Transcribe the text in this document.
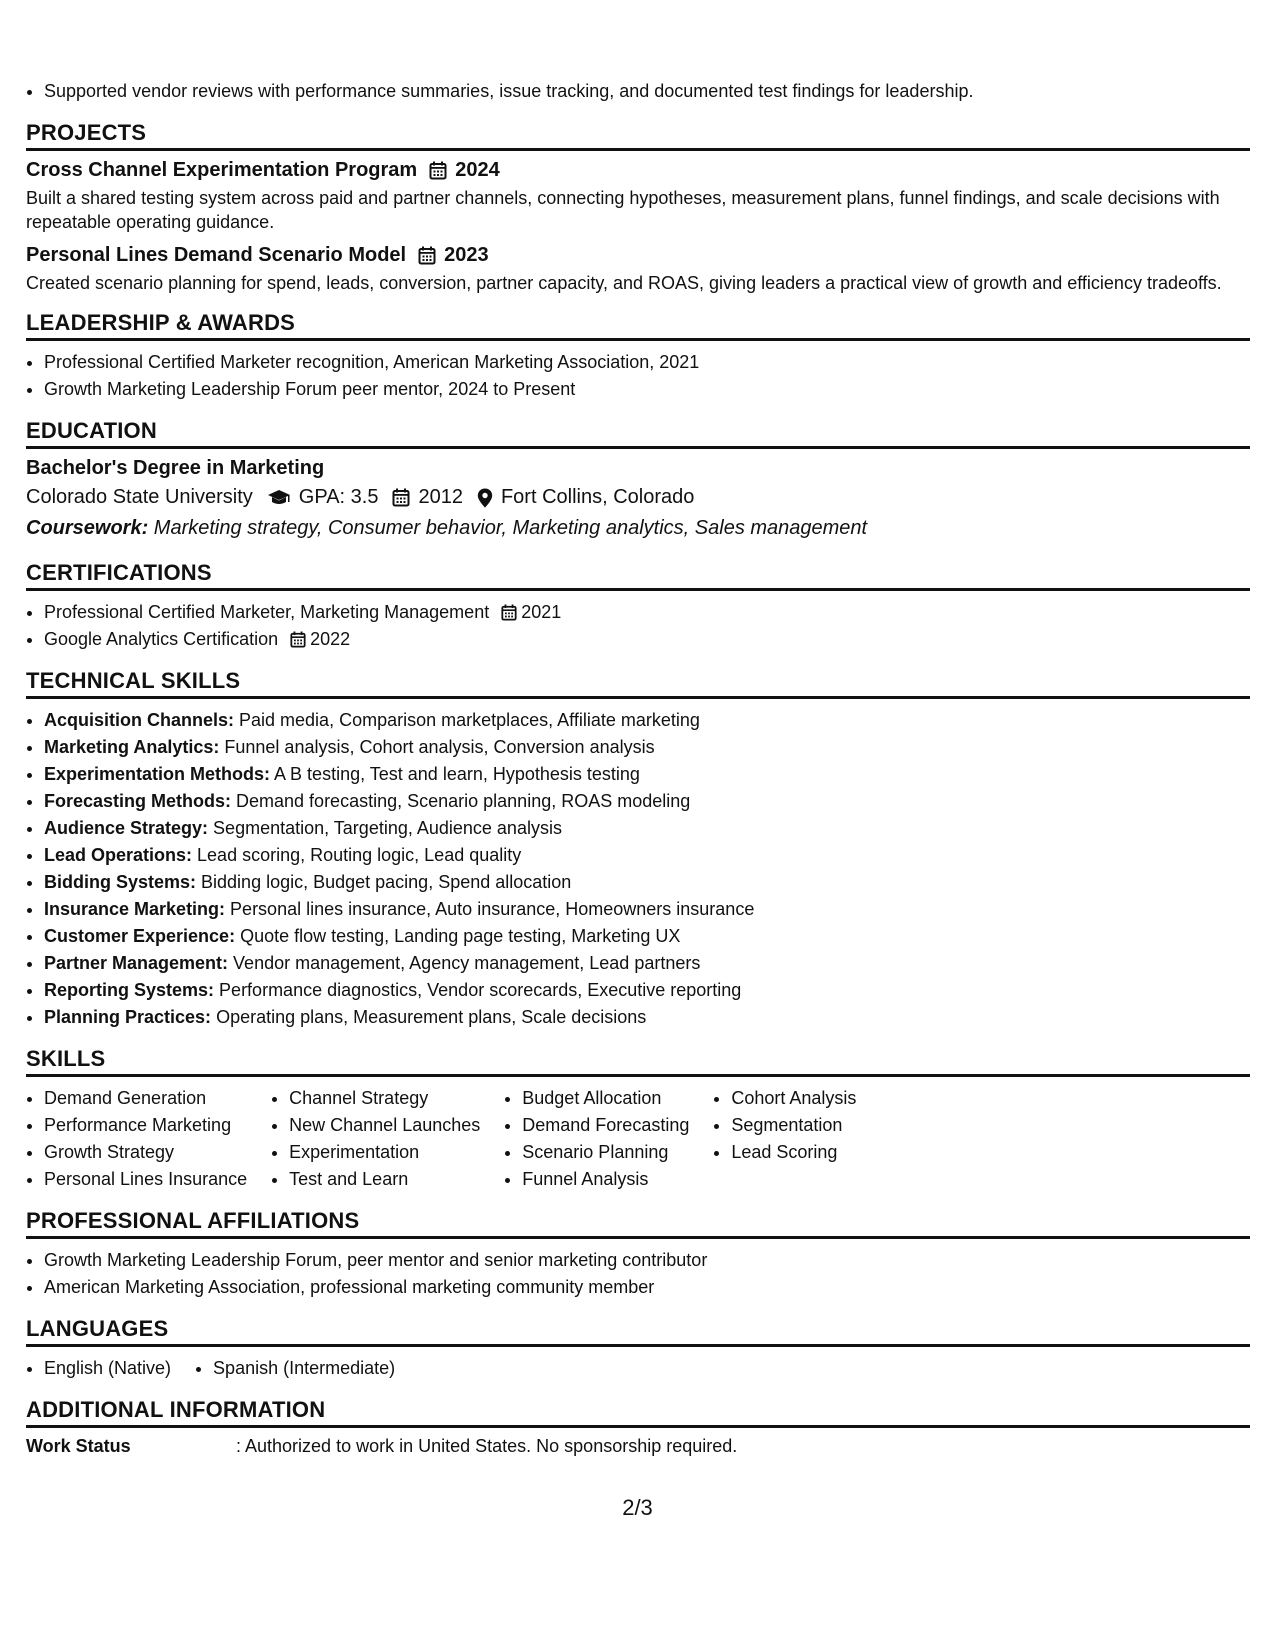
• Supported vendor reviews with performance summaries, issue tracking, and documented test findings for leadership.
PROJECTS
Cross Channel Experimentation Program 2024
Built a shared testing system across paid and partner channels, connecting hypotheses, measurement plans, funnel findings, and scale decisions with repeatable operating guidance.
Personal Lines Demand Scenario Model 2023
Created scenario planning for spend, leads, conversion, partner capacity, and ROAS, giving leaders a practical view of growth and efficiency tradeoffs.
LEADERSHIP & AWARDS
• Professional Certified Marketer recognition, American Marketing Association, 2021
• Growth Marketing Leadership Forum peer mentor, 2024 to Present
EDUCATION
Bachelor's Degree in Marketing
Colorado State University GPA: 3.5 2012 Fort Collins, Colorado
Coursework: Marketing strategy, Consumer behavior, Marketing analytics, Sales management
CERTIFICATIONS
• Professional Certified Marketer, Marketing Management 2021
• Google Analytics Certification 2022
TECHNICAL SKILLS
• Acquisition Channels: Paid media, Comparison marketplaces, Affiliate marketing
• Marketing Analytics: Funnel analysis, Cohort analysis, Conversion analysis
• Experimentation Methods: A B testing, Test and learn, Hypothesis testing
• Forecasting Methods: Demand forecasting, Scenario planning, ROAS modeling
• Audience Strategy: Segmentation, Targeting, Audience analysis
• Lead Operations: Lead scoring, Routing logic, Lead quality
• Bidding Systems: Bidding logic, Budget pacing, Spend allocation
• Insurance Marketing: Personal lines insurance, Auto insurance, Homeowners insurance
• Customer Experience: Quote flow testing, Landing page testing, Marketing UX
• Partner Management: Vendor management, Agency management, Lead partners
• Reporting Systems: Performance diagnostics, Vendor scorecards, Executive reporting
• Planning Practices: Operating plans, Measurement plans, Scale decisions
SKILLS
• Demand Generation
• Performance Marketing
• Growth Strategy
• Personal Lines Insurance
• Channel Strategy
• New Channel Launches
• Experimentation
• Test and Learn
• Budget Allocation
• Demand Forecasting
• Scenario Planning
• Funnel Analysis
• Cohort Analysis
• Segmentation
• Lead Scoring
PROFESSIONAL AFFILIATIONS
• Growth Marketing Leadership Forum, peer mentor and senior marketing contributor
• American Marketing Association, professional marketing community member
LANGUAGES
• English (Native)
• Spanish (Intermediate)
ADDITIONAL INFORMATION
Work Status	: Authorized to work in United States. No sponsorship required.
2/3
